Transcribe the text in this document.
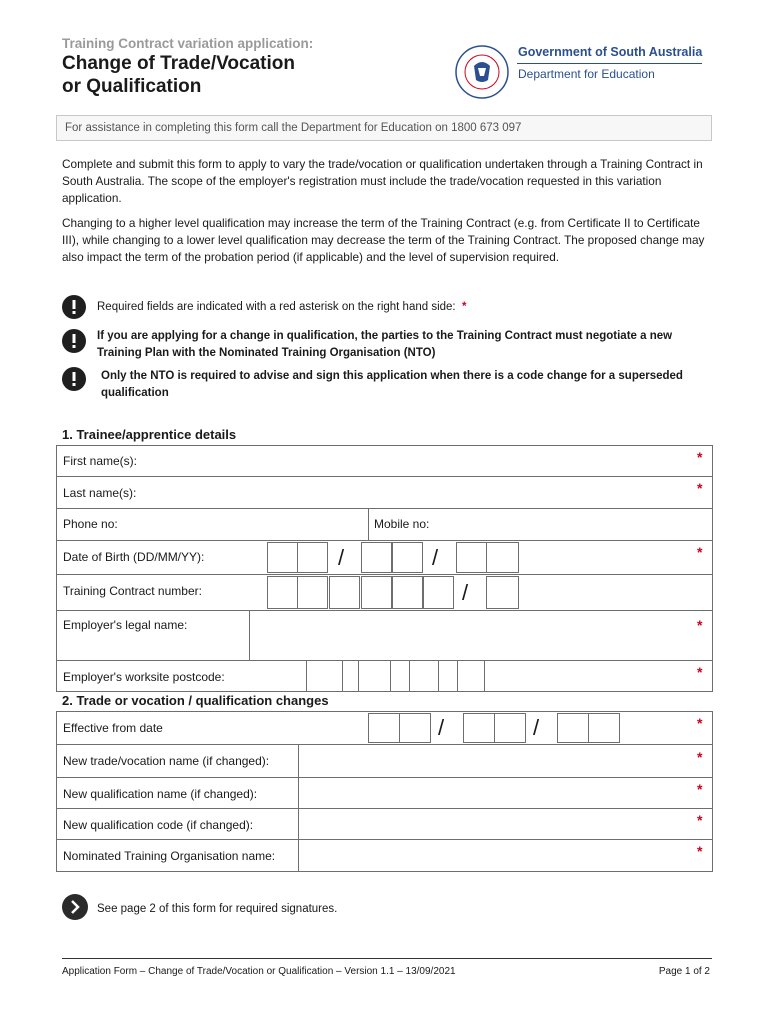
Training Contract variation application:
Change of Trade/Vocation
or Qualification
Government of South Australia
Department for Education
For assistance in completing this form call the Department for Education on 1800 673 097
Complete and submit this form to apply to vary the trade/vocation or qualification undertaken through a Training Contract in South Australia. The scope of the employer's registration must include the trade/vocation requested in this variation application.
Changing to a higher level qualification may increase the term of the Training Contract (e.g. from Certificate II to Certificate III), while changing to a lower level qualification may decrease the term of the Training Contract. The proposed change may also impact the term of the probation period (if applicable) and the level of supervision required.
Required fields are indicated with a red asterisk on the right hand side: *
If you are applying for a change in qualification, the parties to the Training Contract must negotiate a new Training Plan with the Nominated Training Organisation (NTO)
Only the NTO is required to advise and sign this application when there is a code change for a superseded qualification
1. Trainee/apprentice details
First name(s):	*
Last name(s):	*
Phone no:	Mobile no:
Date of Birth (DD/MM/YY):	/	/	*
Training Contract number:	/
Employer's legal name:	*
Employer's worksite postcode:	*
2. Trade or vocation / qualification changes
Effective from date	/	/	*
New trade/vocation name (if changed):	*
New qualification name (if changed):	*
New qualification code (if changed):	*
Nominated Training Organisation name:	*
See page 2 of this form for required signatures.
Application Form – Change of Trade/Vocation or Qualification – Version 1.1 – 13/09/2021	Page 1 of 2
